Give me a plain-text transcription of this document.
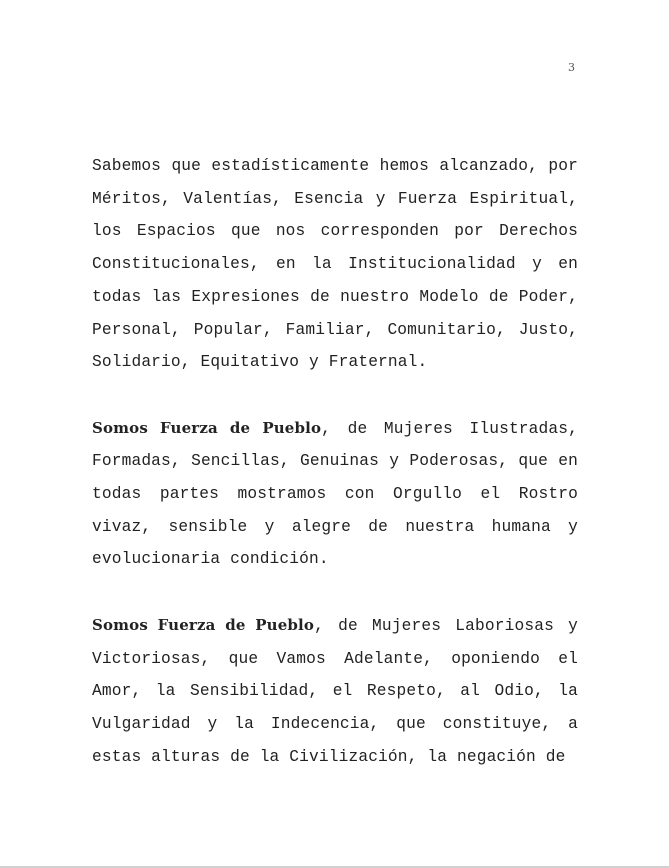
3

Sabemos que estadísticamente hemos alcanzado, por Méritos, Valentías, Esencia y Fuerza Espiritual, los Espacios que nos corresponden por Derechos Constitucionales, en la Institucionalidad y en todas las Expresiones de nuestro Modelo de Poder, Personal, Popular, Familiar, Comunitario, Justo, Solidario, Equitativo y Fraternal.

Somos Fuerza de Pueblo, de Mujeres Ilustradas, Formadas, Sencillas, Genuinas y Poderosas, que en todas partes mostramos con Orgullo el Rostro vivaz, sensible y alegre de nuestra humana y evolucionaria condición.

Somos Fuerza de Pueblo, de Mujeres Laboriosas y Victoriosas, que Vamos Adelante, oponiendo el Amor, la Sensibilidad, el Respeto, al Odio, la Vulgaridad y la Indecencia, que constituye, a estas alturas de la Civilización, la negación de
